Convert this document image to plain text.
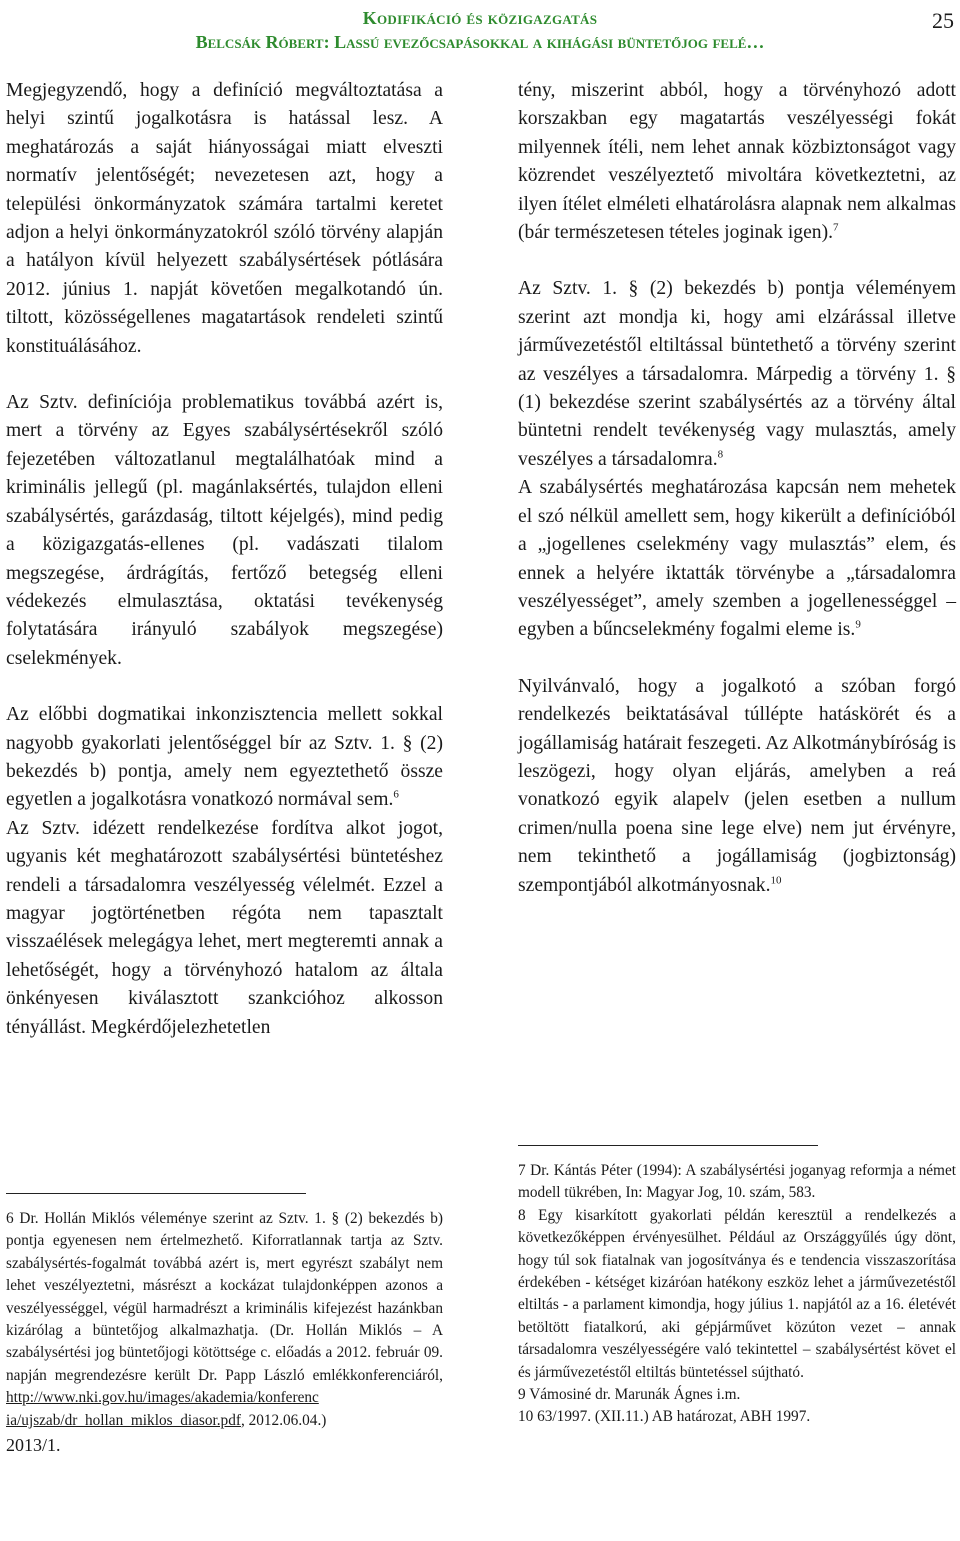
Kodifikáció és közigazgatás
Belcsák Róbert: Lassú evezőcsapásokkal a kihágási büntetőjog felé…
25

Megjegyzendő, hogy a definíció megváltoztatása a helyi szintű jogalkotásra is hatással lesz. A meghatározás a saját hiányosságai miatt elveszti normatív jelentőségét; nevezetesen azt, hogy a települési önkormányzatok számára tartalmi keretet adjon a helyi önkormányzatokról szóló törvény alapján a hatályon kívül helyezett szabálysértések pótlására 2012. június 1. napját követően megalkotandó ún. tiltott, közösségellenes magatartások rendeleti szintű konstituálásához.

Az Sztv. definíciója problematikus továbbá azért is, mert a törvény az Egyes szabálysértésekről szóló fejezetében változatlanul megtalálhatóak mind a kriminális jellegű (pl. magánlaksértés, tulajdon elleni szabálysértés, garázdaság, tiltott kéjelgés), mind pedig a közigazgatás-ellenes (pl. vadászati tilalom megszegése, árdrágítás, fertőző betegség elleni védekezés elmulasztása, oktatási tevékenység folytatására irányuló szabályok megszegése) cselekmények.

Az előbbi dogmatikai inkonzisztencia mellett sokkal nagyobb gyakorlati jelentőséggel bír az Sztv. 1. § (2) bekezdés b) pontja, amely nem egyeztethető össze egyetlen a jogalkotásra vonatkozó normával sem.$^6$

Az Sztv. idézett rendelkezése fordítva alkot jogot, ugyanis két meghatározott szabálysértési büntetéshez rendeli a társadalomra veszélyesség vélelmét. Ezzel a magyar jogtörténetben régóta nem tapasztalt visszaélések melegágya lehet, mert megteremti annak a lehetőségét, hogy a törvényhozó hatalom az általa önkényesen kiválasztott szankcióhoz alkosson tényállást. Megkérdőjelezhetetlen

tény, miszerint abból, hogy a törvényhozó adott korszakban egy magatartás veszélyességi fokát milyennek ítéli, nem lehet annak közbiztonságot vagy közrendet veszélyeztető mivoltára következtetni, az ilyen ítélet elméleti elhatárolásra alapnak nem alkalmas (bár természetesen tételes joginak igen).$^7$

Az Sztv. 1. § (2) bekezdés b) pontja véleményem szerint azt mondja ki, hogy ami elzárással illetve járművezetéstől eltiltással büntethető a törvény szerint az veszélyes a társadalomra. Márpedig a törvény 1. § (1) bekezdése szerint szabálysértés az a törvény által büntetni rendelt tevékenység vagy mulasztás, amely veszélyes a társadalomra.$^8$

A szabálysértés meghatározása kapcsán nem mehetek el szó nélkül amellett sem, hogy kikerült a definícióból a „jogellenes cselekmény vagy mulasztás” elem, és ennek a helyére iktatták törvénybe a „társadalomra veszélyességet”, amely szemben a jogellenességgel – egyben a bűncselekmény fogalmi eleme is.$^9$

Nyilvánvaló, hogy a jogalkotó a szóban forgó rendelkezés beiktatásával túllépte hatáskörét és a jogállamiság határait feszegeti. Az Alkotmánybíróság is leszögezi, hogy olyan eljárás, amelyben a reá vonatkozó egyik alapelv (jelen esetben a nullum crimen/nulla poena sine lege elve) nem jut érvényre, nem tekinthető a jogállamiság (jogbiztonság) szempontjából alkotmányosnak.$^{10}$

6 Dr. Hollán Miklós véleménye szerint az Sztv. 1. § (2) bekezdés b) pontja egyenesen nem értelmezhető. Kiforratlannak tartja az Sztv. szabálysértés-fogalmát továbbá azért is, mert egyrészt szabályt nem lehet veszélyeztetni, másrészt a kockázat tulajdonképpen azonos a veszélyességgel, végül harmadrészt a kriminális kifejezést hazánkban kizárólag a büntetőjog alkalmazhatja. (Dr. Hollán Miklós – A szabálysértési jog büntetőjogi kötöttsége c. előadás a 2012. február 09. napján megrendezésre került Dr. Papp László emlékkonferenciáról, http://www.nki.gov.hu/images/akademia/konferenc
ia/ujszab/dr_hollan_miklos_diasor.pdf, 2012.06.04.)

2013/1.

7 Dr. Kántás Péter (1994): A szabálysértési joganyag reformja a német modell tükrében, In: Magyar Jog, 10. szám, 583.

8 Egy kisarkított gyakorlati példán keresztül a rendelkezés a következőképpen érvényesülhet. Például az Országgyűlés úgy dönt, hogy túl sok fiatalnak van jogosítványa és e tendencia visszaszorítása érdekében - kétséget kizáróan hatékony eszköz lehet a járművezetéstől eltiltás - a parlament kimondja, hogy július 1. napjától az a 16. életévét betöltött fiatalkorú, aki gépjárművet közúton vezet – annak társadalomra veszélyességére való tekintettel – szabálysértést követ el és járművezetéstől eltiltás büntetéssel sújtható.

9 Vámosiné dr. Marunák Ágnes i.m.

10 63/1997. (XII.11.) AB határozat, ABH 1997.
